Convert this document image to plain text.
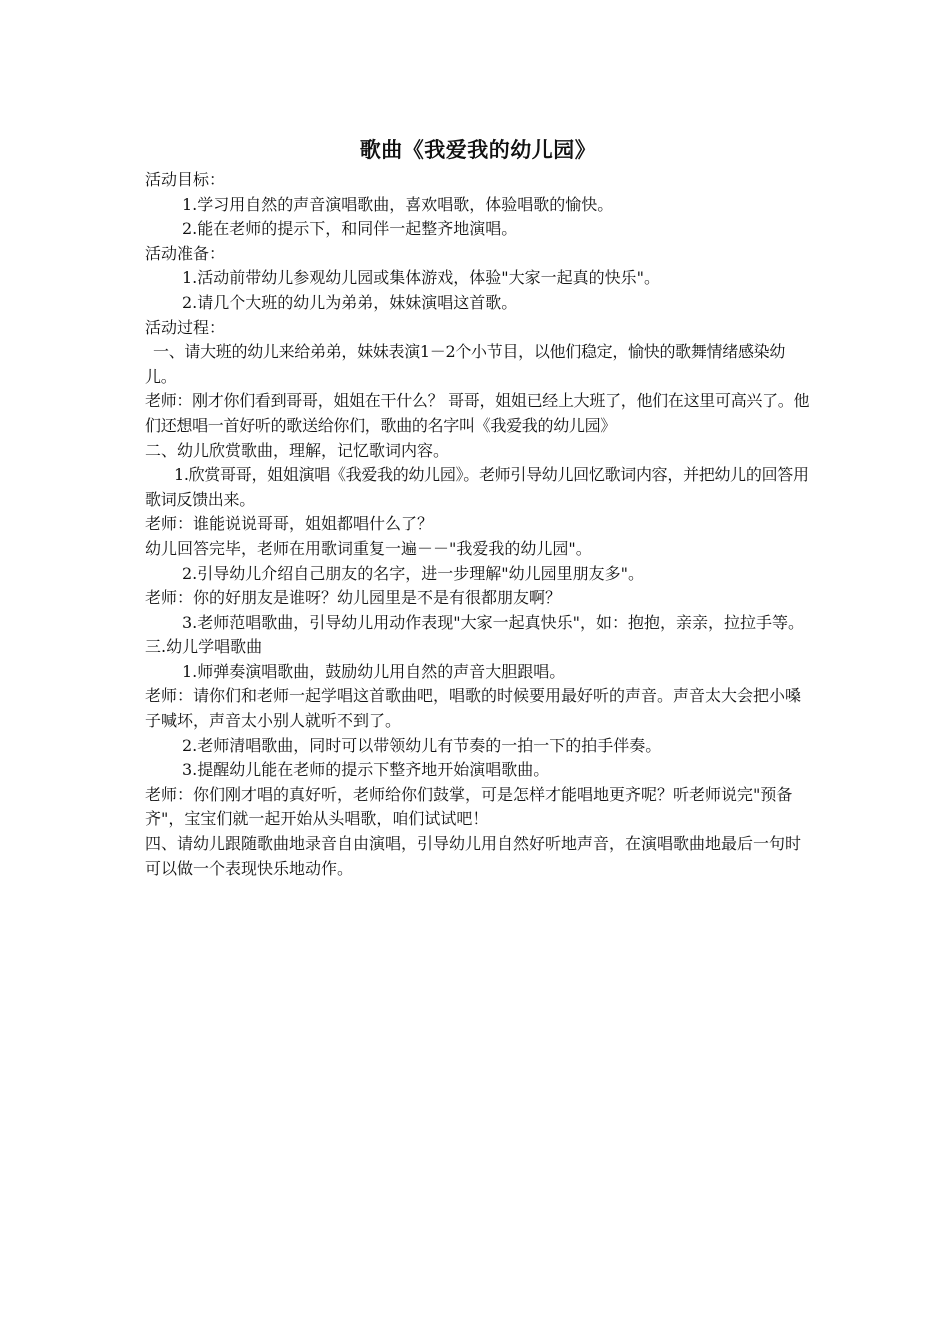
歌曲《我爱我的幼儿园》

活动目标：

1.学习用自然的声音演唱歌曲，喜欢唱歌，体验唱歌的愉快。

2.能在老师的提示下，和同伴一起整齐地演唱。

活动准备：

1.活动前带幼儿参观幼儿园或集体游戏，体验"大家一起真的快乐"。

2.请几个大班的幼儿为弟弟，妹妹演唱这首歌。

活动过程：

一、请大班的幼儿来给弟弟，妹妹表演1－2个小节目，以他们稳定，愉快的歌舞情绪感染幼儿。

老师：刚才你们看到哥哥，姐姐在干什么？ 哥哥，姐姐已经上大班了，他们在这里可高兴了。他们还想唱一首好听的歌送给你们，歌曲的名字叫《我爱我的幼儿园》

二、幼儿欣赏歌曲，理解，记忆歌词内容。

1.欣赏哥哥，姐姐演唱《我爱我的幼儿园》。老师引导幼儿回忆歌词内容，并把幼儿的回答用歌词反馈出来。

老师：谁能说说哥哥，姐姐都唱什么了？

幼儿回答完毕，老师在用歌词重复一遍－－"我爱我的幼儿园"。

2.引导幼儿介绍自己朋友的名字，进一步理解"幼儿园里朋友多"。

老师：你的好朋友是谁呀？幼儿园里是不是有很都朋友啊？

3.老师范唱歌曲，引导幼儿用动作表现"大家一起真快乐"，如：抱抱，亲亲，拉拉手等。

三.幼儿学唱歌曲

1.师弹奏演唱歌曲，鼓励幼儿用自然的声音大胆跟唱。

老师：请你们和老师一起学唱这首歌曲吧，唱歌的时候要用最好听的声音。声音太大会把小嗓子喊坏，声音太小别人就听不到了。

2.老师清唱歌曲，同时可以带领幼儿有节奏的一拍一下的拍手伴奏。

3.提醒幼儿能在老师的提示下整齐地开始演唱歌曲。

老师：你们刚才唱的真好听，老师给你们鼓掌，可是怎样才能唱地更齐呢？听老师说完"预备齐"，宝宝们就一起开始从头唱歌，咱们试试吧！

四、请幼儿跟随歌曲地录音自由演唱，引导幼儿用自然好听地声音，在演唱歌曲地最后一句时可以做一个表现快乐地动作。
